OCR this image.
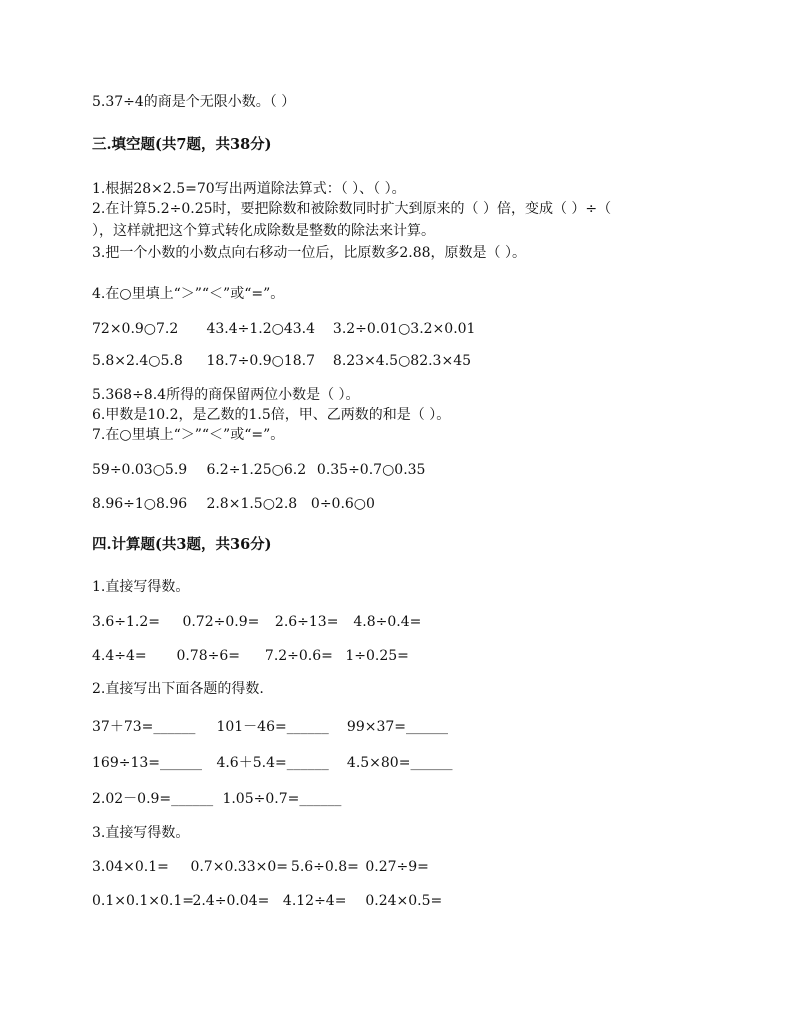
5.37÷4的商是个无限小数。（ ）
三.填空题(共7题，共38分)
1.根据28×2.5=70写出两道除法算式：（ ）、（ ）。
2.在计算5.2÷0.25时，要把除数和被除数同时扩大到原来的（ ）倍，变成（ ）÷（
），这样就把这个算式转化成除数是整数的除法来计算。
3.把一个小数的小数点向右移动一位后，比原数多2.88，原数是（ ）。
4.在○里填上“＞”“＜”或“=”。
72×0.9○7.2 43.4÷1.2○43.4 3.2÷0.01○3.2×0.01
5.8×2.4○5.8 18.7÷0.9○18.7 8.23×4.5○82.3×45
5.368÷8.4所得的商保留两位小数是（ ）。
6.甲数是10.2，是乙数的1.5倍，甲、乙两数的和是（ ）。
7.在○里填上“＞”“＜”或“=”。
59÷0.03○5.9 6.2÷1.25○6.2 0.35÷0.7○0.35
8.96÷1○8.96 2.8×1.5○2.8 0÷0.6○0
四.计算题(共3题，共36分)
1.直接写得数。
3.6÷1.2= 0.72÷0.9= 2.6÷13= 4.8÷0.4=
4.4÷4= 0.78÷6= 7.2÷0.6= 1÷0.25=
2.直接写出下面各题的得数.
37＋73=______ 101－46=______ 99×37=______
169÷13=______ 4.6＋5.4=______ 4.5×80=______
2.02－0.9=______ 1.05÷0.7=______
3.直接写得数。
3.04×0.1= 0.7×0.33×0= 5.6÷0.8= 0.27÷9=
0.1×0.1×0.1= 2.4÷0.04= 4.12÷4= 0.24×0.5=
